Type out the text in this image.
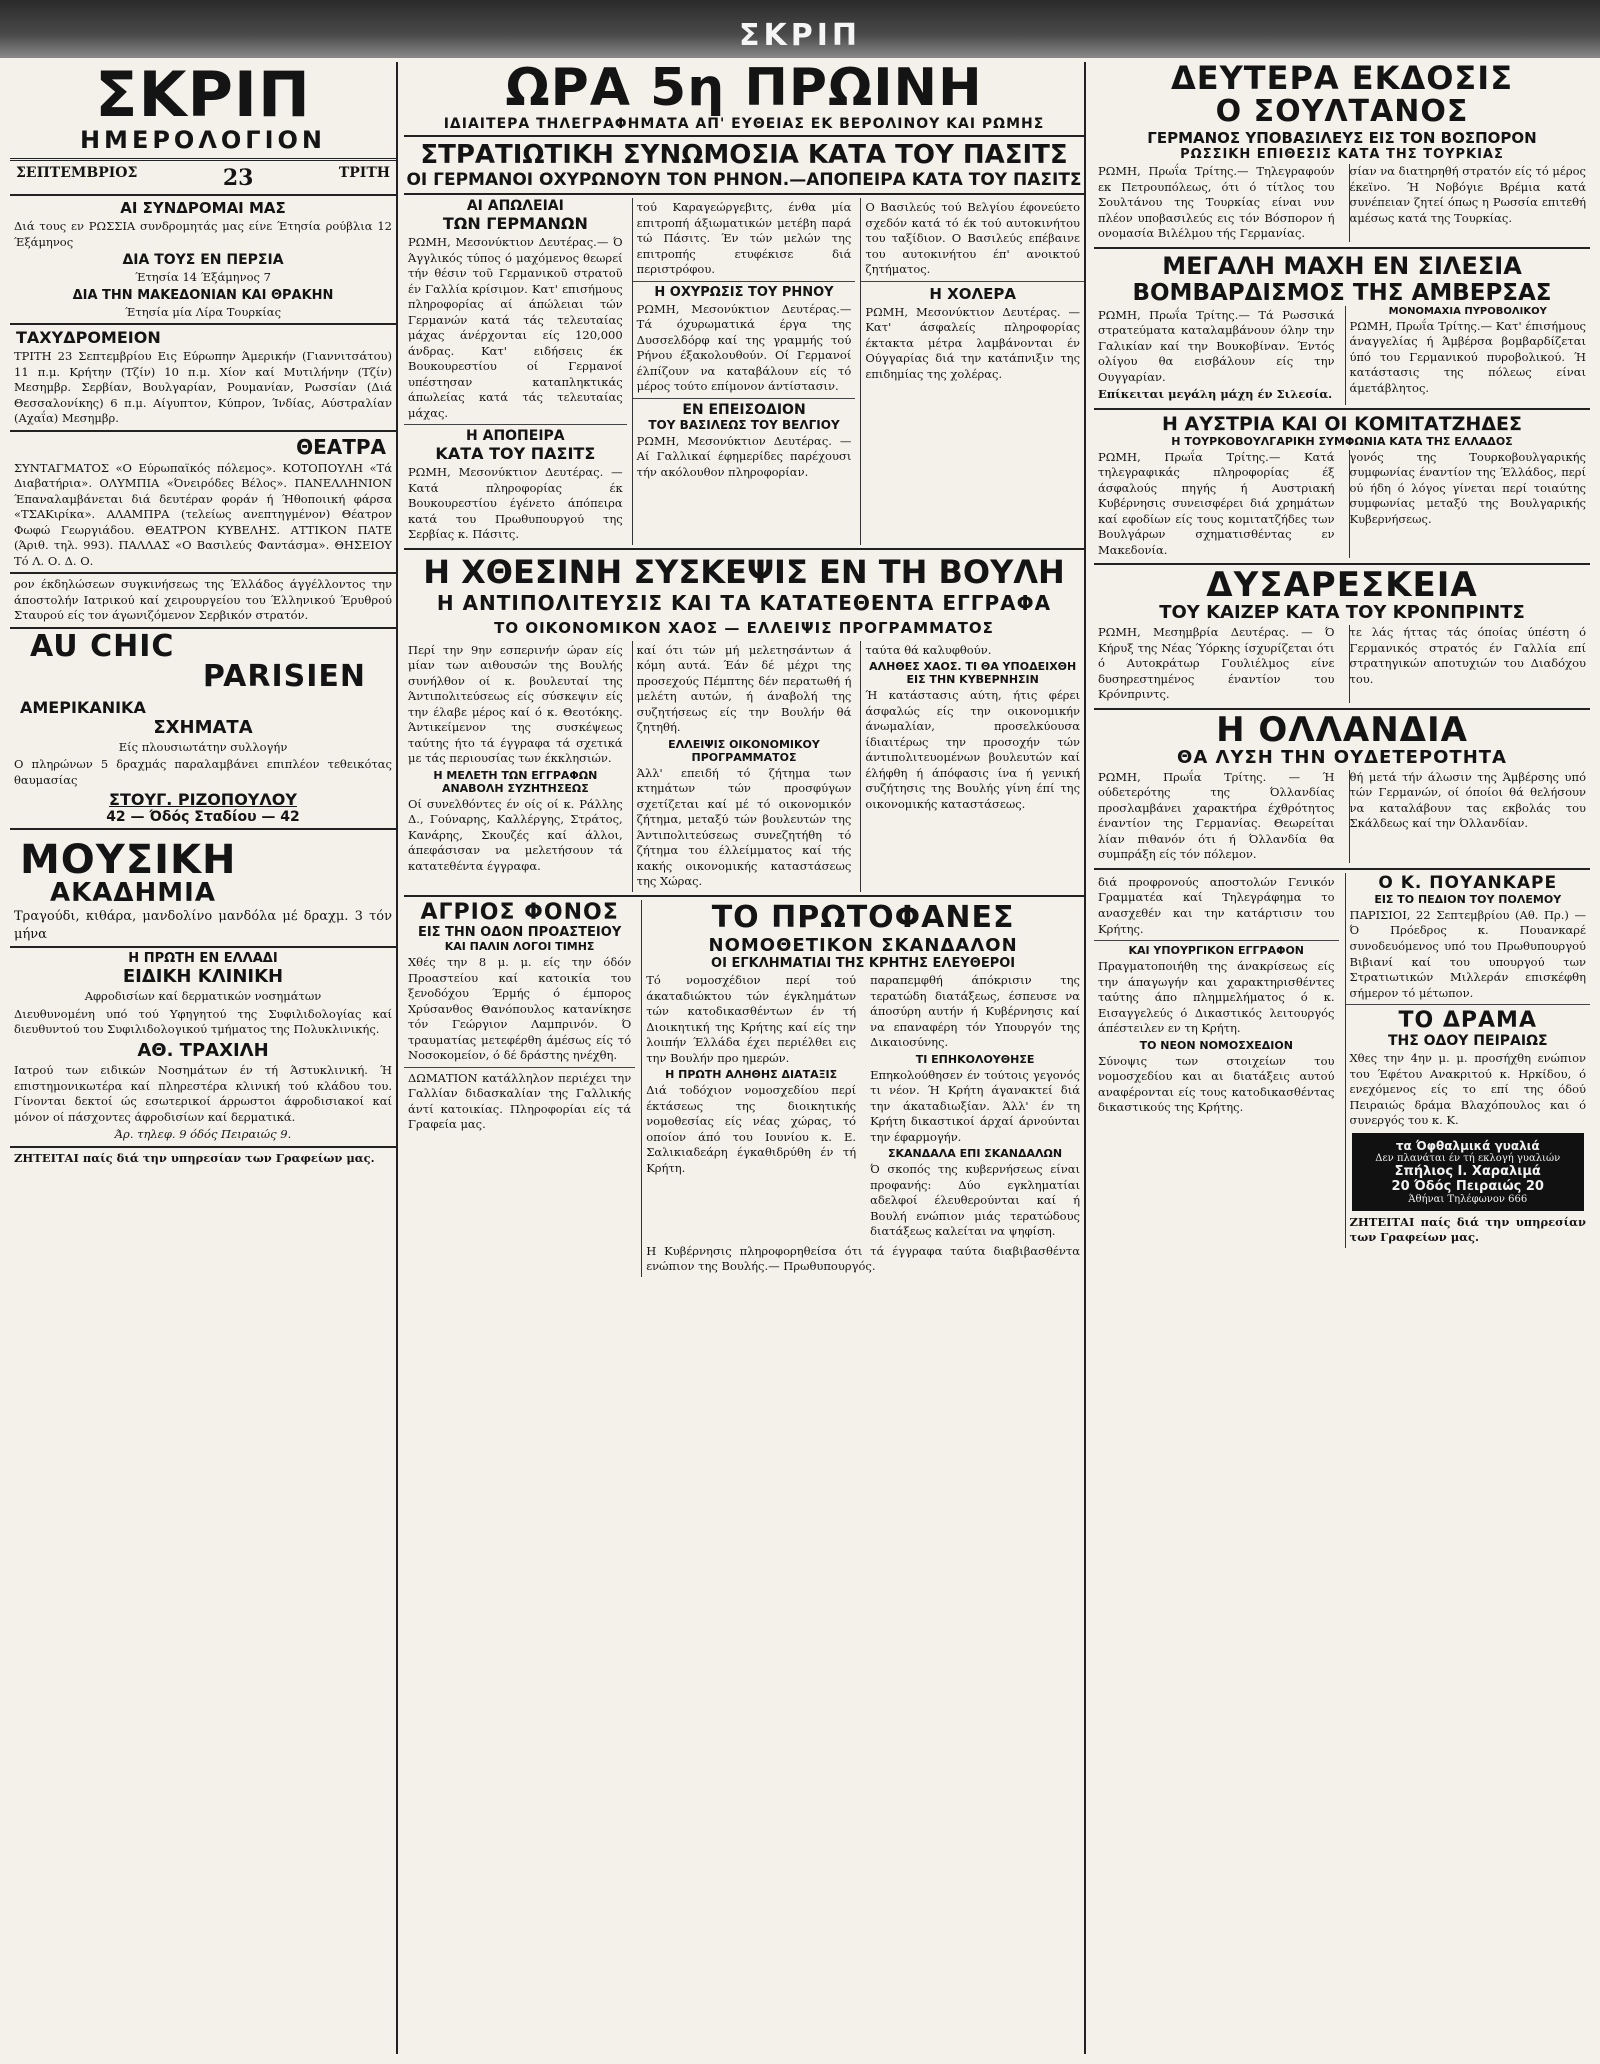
ΣΚΡΙΠ
ΣΚΡΙΠ
ΗΜΕΡΟΛΟΓΙΟΝ
ΣΕΠΤΕΜΒΡΙΟΣ	23	ΤΡΙΤΗ
ΑΙ ΣΥΝΔΡΟΜΑΙ ΜΑΣ
Διά τους εν ΡΩΣΣΙΑ συνδρομητάς μας είνε Έτησία ρούβλια 12 Έξάμηνος
ΔΙΑ ΤΟΥΣ ΕΝ ΠΕΡΣΙΑ
Έτησία 14 Έξάμηνος 7
ΔΙΑ ΤΗΝ ΜΑΚΕΔΟΝΙΑΝ ΚΑΙ ΘΡΑΚΗΝ
Έτησία μία Λίρα Τουρκίας
ΤΑΧΥΔΡΟΜΕΙΟΝ
ΤΡΙΤΗ 23 Σεπτεμβρίου Εις Εύρωπην Άμερικήν (Γιαννιτσάτου) 11 π.μ. Κρήτην (Τζίν) 10 π.μ. Χίον καί Μυτιλήνην (Τζίν) Μεσημβρ. Σερβίαν, Βουλγαρίαν, Ρουμανίαν, Ρωσσίαν (Διά Θεσσαλονίκης) 6 π.μ. Αίγυπτον, Κύπρον, Ίνδίας, Αύστραλίαν (Αχαΐα) Μεσημβρ.
ΘΕΑΤΡΑ
ΣΥΝΤΑΓΜΑΤΟΣ «Ο Εύρωπαϊκός πόλεμος». ΚΟΤΟΠΟΥΛΗ «Τά Διαβατήρια». ΟΛΥΜΠΙΑ «Όνειρόδες Βέλος». ΠΑΝΕΛΛΗΝΙΟΝ Έπαναλαμβάνεται διά δευτέραν φοράν ή Ήθοποιική φάρσα «ΤΣΑΚιρίκα». ΑΛΑΜΠΡΑ (τελείως ανεπτηγμένον) Θέατρον Φωφώ Γεωργιάδου. ΘΕΑΤΡΟΝ ΚΥΒΕΛΗΣ. ΑΤΤΙΚΟΝ ΠΑΤΕ (Άριθ. τηλ. 993). ΠΑΛΛΑΣ «Ο Βασιλεύς Φαντάσμα». ΘΗΣΕΙΟΥ Τό Λ. Ο. Δ. Ο.
ρον έκδηλώσεων συγκινήσεως της Έλλάδος άγγέλλοντος την άποστολήν Ιατρικού καί χειρουργείου του Έλληνικού Έρυθρού Σταυρού είς τον άγωνιζόμενον Σερβικόν στρατόν.
AU CHIC
PARISIEN
ΑΜΕΡΙΚΑΝΙΚΑ
ΣΧΗΜΑΤΑ
Είς πλουσιωτάτην συλλογήν
Ο πληρώνων 5 δραχμάς παραλαμβάνει επιπλέον τεθεικότας θαυμασίας
ΣΤΟΥΓ. ΡΙΖΟΠΟΥΛΟΥ
42 — Όδός Σταδίου — 42
ΜΟΥΣΙΚΗ
ΑΚΑΔΗΜΙΑ
Τραγούδι, κιθάρα, μανδολίνο μανδόλα μέ δραχμ. 3 τόν μήνα
Η ΠΡΩΤΗ ΕΝ ΕΛΛΑΔΙ
ΕΙΔΙΚΗ ΚΛΙΝΙΚΗ
Αφροδισίων καί δερματικών νοσημάτων
Διευθυνομένη υπό τού Υφηγητού της Συφιλιδολογίας καί διευθυντού του Συφιλιδολογικού τμήματος της Πολυκλινικής.
ΑΘ. ΤΡΑΧΙΛΗ
Ιατρού των ειδικών Νοσημάτων έν τή Άστυκλινική. Ή επιστημονικωτέρα καί πληρεστέρα κλινική τού κλάδου του. Γίνονται δεκτοί ώς εσωτερικοί άρρωστοι άφροδισιακοί καί μόνον οί πάσχοντες άφροδισίων καί δερματικά.
Άρ. τηλεφ. 9 όδός Πειραιώς 9.
ΖΗΤΕΙΤΑΙ παίς διά την υπηρεσίαν των Γραφείων μας.
ΩΡΑ 5η ΠΡΩΙΝΗ
ΙΔΙΑΙΤΕΡΑ ΤΗΛΕΓΡΑΦΗΜΑΤΑ ΑΠ' ΕΥΘΕΙΑΣ ΕΚ ΒΕΡΟΛΙΝΟΥ ΚΑΙ ΡΩΜΗΣ
ΣΤΡΑΤΙΩΤΙΚΗ ΣΥΝΩΜΟΣΙΑ ΚΑΤΑ ΤΟΥ ΠΑΣΙΤΣ
ΟΙ ΓΕΡΜΑΝΟΙ ΟΧΥΡΩΝΟΥΝ ΤΟΝ ΡΗΝΟΝ.—ΑΠΟΠΕΙΡΑ ΚΑΤΑ ΤΟΥ ΠΑΣΙΤΣ
ΑΙ ΑΠΩΛΕΙΑΙ
ΤΩΝ ΓΕΡΜΑΝΩΝ
ΡΩΜΗ, Μεσονύκτιον Δευτέρας.— Ό Άγγλικός τύπος ό μαχόμενος θεωρεί τήν θέσιν τοῦ Γερμανικοῦ στρατοῦ έν Γαλλία κρίσιμον. Κατ' επισήμους πληροφορίας αί άπώλειαι τών Γερμανών κατά τάς τελευταίας μάχας άνέρχονται είς 120,000 άνδρας. Κατ' ειδήσεις έκ Βουκουρεστίου οί Γερμανοί υπέστησαν καταπληκτικάς άπωλείας κατά τάς τελευταίας μάχας.
Η ΑΠΟΠΕΙΡΑ
ΚΑΤΑ ΤΟΥ ΠΑΣΙΤΣ
ΡΩΜΗ, Μεσονύκτιον Δευτέρας. — Κατά πληροφορίας έκ Βουκουρεστίου έγένετο άπόπειρα κατά του Πρωθυπουργού της Σερβίας κ. Πάσιτς.
τού Καραγεώργεβιτς, ένθα μία επιτροπή άξιωματικών μετέβη παρά τώ Πάσιτς. Έν τών μελών της επιτροπής ετυφέκισε διά περιστρόφου.
Η ΟΧΥΡΩΣΙΣ ΤΟΥ ΡΗΝΟΥ
ΡΩΜΗ, Μεσονύκτιον Δευτέρας.— Τά όχυρωματικά έργα της Δυσσελδόρφ καί της γραμμής τού Ρήνου έξακολουθούν. Οί Γερμανοί έλπίζουν να καταβάλουν είς τό μέρος τούτο επίμονον άντίστασιν.
ΕΝ ΕΠΕΙΣΟΔΙΟΝ
ΤΟΥ ΒΑΣΙΛΕΩΣ ΤΟΥ ΒΕΛΓΙΟΥ
ΡΩΜΗ, Μεσονύκτιον Δευτέρας. — Αί Γαλλικαί έφημερίδες παρέχουσι τήν ακόλουθον πληροφορίαν.
Ο Βασιλεύς τού Βελγίου έφονεύετο σχεδόν κατά τό έκ τού αυτοκινήτου του ταξίδιον. Ο Βασιλεύς επέβαινε του αυτοκινήτου έπ' ανοικτού ζητήματος.
Η ΧΟΛΕΡΑ
ΡΩΜΗ, Μεσονύκτιον Δευτέρας. — Κατ' άσφαλείς πληροφορίας έκτακτα μέτρα λαμβάνονται έν Ούγγαρίας διά την κατάπνιξιν της επιδημίας της χολέρας.
Η ΧΘΕΣΙΝΗ ΣΥΣΚΕΨΙΣ ΕΝ ΤΗ ΒΟΥΛΗ
Η ΑΝΤΙΠΟΛΙΤΕΥΣΙΣ ΚΑΙ ΤΑ ΚΑΤΑΤΕΘΕΝΤΑ ΕΓΓΡΑΦΑ
ΤΟ ΟΙΚΟΝΟΜΙΚΟΝ ΧΑΟΣ — ΕΛΛΕΙΨΙΣ ΠΡΟΓΡΑΜΜΑΤΟΣ
Περί την 9ην εσπερινήν ώραν είς μίαν των αιθουσών της Βουλής συνήλθον οί κ. βουλευταί της Άντιπολιτεύσεως είς σύσκεψιν είς την έλαβε μέρος καί ό κ. Θεοτόκης. Άντικείμενον της συσκέψεως ταύτης ήτο τά έγγραφα τά σχετικά με τάς περιουσίας των έκκλησιών.
Η ΜΕΛΕΤΗ ΤΩΝ ΕΓΓΡΑΦΩΝ ΑΝΑΒΟΛΗ ΣΥΖΗΤΗΣΕΩΣ
Οί συνελθόντες έν οίς οί κ. Ράλλης Δ., Γούναρης, Καλλέργης, Στράτος, Κανάρης, Σκουζές καί άλλοι, άπεφάσισαν να μελετήσουν τά κατατεθέντα έγγραφα.
καί ότι τών μή μελετησάντων ά κόμη αυτά. Έάν δέ μέχρι της προσεχούς Πέμπτης δέν περατωθή ή μελέτη αυτών, ή άναβολή της συζητήσεως είς την Βουλήν θά ζητηθή.
ΕΛΛΕΙΨΙΣ ΟΙΚΟΝΟΜΙΚΟΥ ΠΡΟΓΡΑΜΜΑΤΟΣ
Άλλ' επειδή τό ζήτημα των κτημάτων τών προσφύγων σχετίζεται καί μέ τό οικονομικόν ζήτημα, μεταξύ τών βουλευτών της Άντιπολιτεύσεως συνεζητήθη τό ζήτημα του έλλείμματος καί τής κακής οικονομικής καταστάσεως της Χώρας.
ταύτα θά καλυφθούν.
ΑΛΗΘΕΣ ΧΑΟΣ. ΤΙ ΘΑ ΥΠΟΔΕΙΧΘΗ ΕΙΣ ΤΗΝ ΚΥΒΕΡΝΗΣΙΝ
Ή κατάστασις αύτη, ήτις φέρει άσφαλώς είς την οικονομικήν άνωμαλίαν, προσελκύουσα ίδιαιτέρως την προσοχήν τών άντιπολιτευομένων βουλευτών καί έλήφθη ή άπόφασις ίνα ή γενική συζήτησις της Βουλής γίνη έπί της οικονομικής καταστάσεως.
ΑΓΡΙΟΣ ΦΟΝΟΣ
ΕΙΣ ΤΗΝ ΟΔΟΝ ΠΡΟΑΣΤΕΙΟΥ
ΚΑΙ ΠΑΛΙΝ ΛΟΓΟΙ ΤΙΜΗΣ
Χθές την 8 μ. μ. είς την όδόν Προαστείου καί κατοικία του ξενοδόχου Έρμής ό έμπορος Χρύσανθος Θανόπουλος κατανίκησε τόν Γεώργιον Λαμπρινόν. Ό τραυματίας μετεφέρθη άμέσως είς τό Νοσοκομείον, ό δέ δράστης ηνέχθη.
ΔΩΜΑΤΙΟΝ κατάλληλον περιέχει την Γαλλίαν διδασκαλίαν της Γαλλικής άντί κατοικίας. Πληροφορίαι είς τά Γραφεία μας.
ΤΟ ΠΡΩΤΟΦΑΝΕΣ
ΝΟΜΟΘΕΤΙΚΟΝ ΣΚΑΝΔΑΛΟΝ
ΟΙ ΕΓΚΛΗΜΑΤΙΑΙ ΤΗΣ ΚΡΗΤΗΣ ΕΛΕΥΘΕΡΟΙ
Τό νομοσχέδιον περί τού άκαταδιώκτου τών έγκλημάτων τών κατοδικασθέντων έν τή Διοικητική της Κρήτης καί είς την λοιπήν Έλλάδα έχει περιέλθει εις την Βουλήν προ ημερών.
Η ΠΡΩΤΗ ΑΛΗΘΗΣ ΔΙΑΤΑΞΙΣ
Διά τοδόχιον νομοσχεδίου περί έκτάσεως της διοικητικής νομοθεσίας είς νέας χώρας, τό οποίον άπό του Ιουνίου κ. Ε. Σαλικιαδεάρη έγκαθιδρύθη έν τή Κρήτη.
παραπεμφθή άπόκρισιν της τερατώδη διατάξεως, έσπευσε να άποσύρη αυτήν ή Κυβέρνησις καί να επαναφέρη τόν Υπουργόν της Δικαιοσύνης.
ΤΙ ΕΠΗΚΟΛΟΥΘΗΣΕ
Επηκολούθησεν έν τούτοις γεγονός τι νέον. Ή Κρήτη άγανακτεί διά την άκαταδιωξίαν. Άλλ' έν τη Κρήτη δικαστικοί άρχαί άρνούνται την έφαρμογήν.
ΣΚΑΝΔΑΛΑ ΕΠΙ ΣΚΑΝΔΑΛΩΝ
Ό σκοπός της κυβερνήσεως είναι προφανής: Δύο εγκληματίαι αδελφοί έλευθερούνται καί ή Βουλή ενώπιον μιάς τερατώδους διατάξεως καλείται να ψηφίση.
Η Κυβέρνησις πληροφορηθείσα ότι τά έγγραφα ταύτα διαβιβασθέντα ενώπιον της Βουλής.— Πρωθυπουργός.
ΔΕΥΤΕΡΑ ΕΚΔΟΣΙΣ
Ο ΣΟΥΛΤΑΝΟΣ
ΓΕΡΜΑΝΟΣ ΥΠΟΒΑΣΙΛΕΥΣ ΕΙΣ ΤΟΝ ΒΟΣΠΟΡΟΝ
ΡΩΣΣΙΚΗ ΕΠΙΘΕΣΙΣ ΚΑΤΑ ΤΗΣ ΤΟΥΡΚΙΑΣ
ΡΩΜΗ, Πρωΐα Τρίτης.— Τηλεγραφούν εκ Πετρουπόλεως, ότι ό τίτλος του Σουλτάνου της Τουρκίας είναι νυν πλέον υποβασιλεύς εις τόν Βόσπορον ή ονομασία Βιλέλμου τής Γερμανίας.
σίαν να διατηρηθή στρατόν είς τό μέρος έκεϊνο. Ή Νοβόγιε Βρέμια κατά συνέπειαν ζητεί όπως η Ρωσσία επιτεθή αμέσως κατά της Τουρκίας.
ΜΕΓΑΛΗ ΜΑΧΗ ΕΝ ΣΙΛΕΣΙΑ
ΒΟΜΒΑΡΔΙΣΜΟΣ ΤΗΣ ΑΜΒΕΡΣΑΣ
ΡΩΜΗ, Πρωΐα Τρίτης.— Τά Ρωσσικά στρατεύματα καταλαμβάνουν όλην την Γαλικίαν καί την Βουκοβίναν. Έντός ολίγου θα εισβάλουν είς την Ουγγαρίαν.
Επίκειται μεγάλη μάχη έν Σιλεσία.
ΜΟΝΟΜΑΧΙΑ ΠΥΡΟΒΟΛΙΚΟΥ
ΡΩΜΗ, Πρωΐα Τρίτης.— Κατ' έπισήμους άναγγελίας ή Άμβέρσα βομβαρδίζεται ύπό του Γερμανικού πυροβολικού. Ή κατάστασις της πόλεως είναι άμετάβλητος.
Η ΑΥΣΤΡΙΑ ΚΑΙ ΟΙ ΚΟΜΙΤΑΤΖΗΔΕΣ
Η ΤΟΥΡΚΟΒΟΥΛΓΑΡΙΚΗ ΣΥΜΦΩΝΙΑ ΚΑΤΑ ΤΗΣ ΕΛΛΑΔΟΣ
ΡΩΜΗ, Πρωΐα Τρίτης.— Κατά τηλεγραφικάς πληροφορίας έξ άσφαλούς πηγής ή Αυστριακή Κυβέρνησις συνεισφέρει διά χρημάτων καί εφοδίων είς τους κομιτατζήδες των Βουλγάρων σχηματισθέντας εν Μακεδονία.
γονός της Τουρκοβουλγαρικής συμφωνίας έναντίον της Έλλάδος, περί ού ήδη ό λόγος γίνεται περί τοιαύτης συμφωνίας μεταξύ της Βουλγαρικής Κυβερνήσεως.
ΔΥΣΑΡΕΣΚΕΙΑ
ΤΟΥ ΚΑΙΖΕΡ ΚΑΤΑ ΤΟΥ ΚΡΟΝΠΡΙΝΤΣ
ΡΩΜΗ, Μεσημβρία Δευτέρας. — Ό Κήρυξ της Νέας Ύόρκης ίσχυρίζεται ότι ό Αυτοκράτωρ Γουλιέλμος είνε δυσηρεστημένος έναντίον του Κρόνπριντς.
τε λάς ήττας τάς όποίας ύπέστη ό Γερμανικός στρατός έν Γαλλία επί στρατηγικών αποτυχιών του Διαδόχου του.
Η ΟΛΛΑΝΔΙΑ
ΘΑ ΛΥΣΗ ΤΗΝ ΟΥΔΕΤΕΡΟΤΗΤΑ
ΡΩΜΗ, Πρωΐα Τρίτης. — Ή ούδετερότης της Όλλανδίας προσλαμβάνει χαρακτήρα έχθρότητος έναντίον της Γερμανίας. Θεωρείται λίαν πιθανόν ότι ή Όλλανδία θα συμπράξη είς τόν πόλεμον.
θή μετά τήν άλωσιν της Άμβέρσης υπό τών Γερμανών, οί όποίοι θά θελήσουν να καταλάβουν τας εκβολάς του Σκάλδεως καί την Όλλανδίαν.
διά προφρονούς αποστολών Γενικόν Γραμματέα καί Τηλεγράφημα το ανασχεθέν και την κατάρτισιν του Κρήτης.
ΚΑΙ ΥΠΟΥΡΓΙΚΟΝ ΕΓΓΡΑΦΟΝ
Πραγματοποιήθη της άνακρίσεως είς την άπαγωγήν και χαρακτηρισθέντες ταύτης άπο πλημμελήματος ό κ. Εισαγγελεύς ό Δικαστικός λειτουργός άπέστειλεν εν τη Κρήτη.
ΤΟ ΝΕΟΝ ΝΟΜΟΣΧΕΔΙΟΝ
Σύνοψις των στοιχείων του νομοσχεδίου και αι διατάξεις αυτού αναφέρονται είς τους κατοδικασθέντας δικαστικούς της Κρήτης.
Ο Κ. ΠΟΥΑΝΚΑΡΕ
ΕΙΣ ΤΟ ΠΕΔΙΟΝ ΤΟΥ ΠΟΛΕΜΟΥ
ΠΑΡΙΣΙΟΙ, 22 Σεπτεμβρίου (Αθ. Πρ.) — Ό Πρόεδρος κ. Πουανκαρέ συνοδευόμενος υπό του Πρωθυπουργού Βιβιανί καί του υπουργού των Στρατιωτικών Μιλλεράν επισκέφθη σήμερον τό μέτωπον.
ΤΟ ΔΡΑΜΑ
ΤΗΣ ΟΔΟΥ ΠΕΙΡΑΙΩΣ
Χθες την 4ην μ. μ. προσήχθη ενώπιον του Έφέτου Ανακριτού κ. Ηρκίδου, ό ενεχόμενος είς το επί της όδού Πειραιώς δράμα Βλαχόπουλος και ό συνεργός του κ. Κ.
τα Όφθαλμικά γυαλιά
Δεν πλανάται έν τή εκλογή γυαλιών
Σπήλιος Ι. Χαραλιμά
20 Όδός Πειραιώς 20
Άθήναι Τηλέφωνον 666
ΖΗΤΕΙΤΑΙ παίς διά την υπηρεσίαν των Γραφείων μας.
